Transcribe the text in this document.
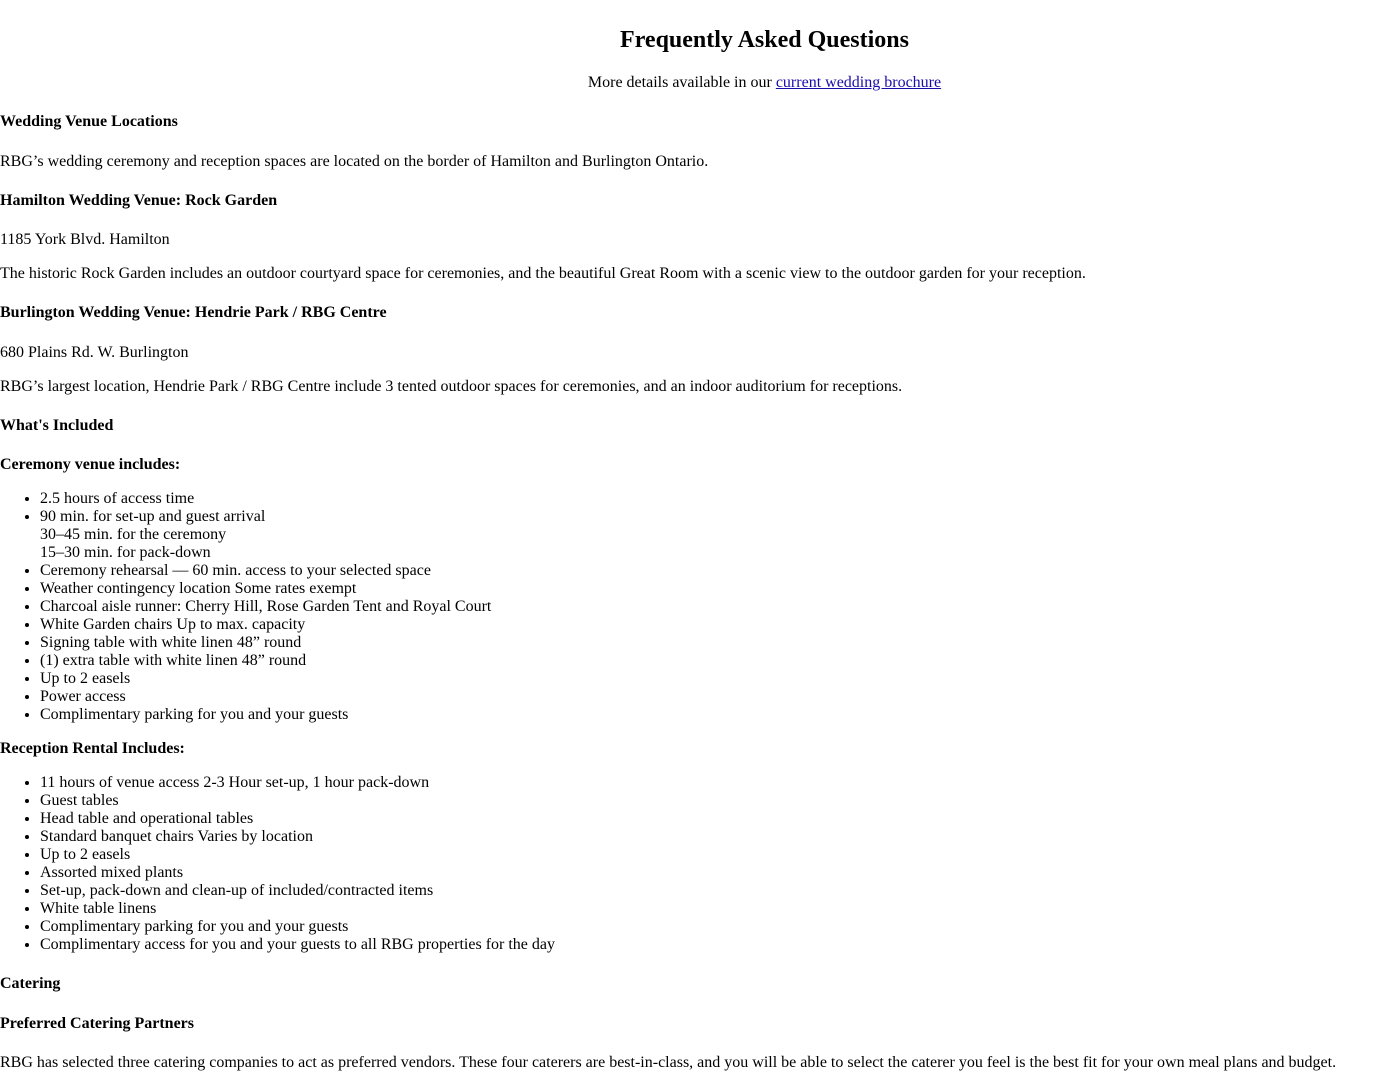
Frequently Asked Questions

More details available in our current wedding brochure

Wedding Venue Locations

RBG’s wedding ceremony and reception spaces are located on the border of Hamilton and Burlington Ontario.

Hamilton Wedding Venue: Rock Garden

1185 York Blvd. Hamilton

The historic Rock Garden includes an outdoor courtyard space for ceremonies, and the beautiful Great Room with a scenic view to the outdoor garden for your reception.

Burlington Wedding Venue: Hendrie Park / RBG Centre

680 Plains Rd. W. Burlington

RBG’s largest location, Hendrie Park / RBG Centre include 3 tented outdoor spaces for ceremonies, and an indoor auditorium for receptions.

What's Included
Ceremony venue includes:
• 2.5 hours of access time
• 90 min. for set-up and guest arrival
30–45 min. for the ceremony
15–30 min. for pack-down
• Ceremony rehearsal — 60 min. access to your selected space
• Weather contingency location Some rates exempt
• Charcoal aisle runner: Cherry Hill, Rose Garden Tent and Royal Court
• White Garden chairs Up to max. capacity
• Signing table with white linen 48” round
• (1) extra table with white linen 48” round
• Up to 2 easels
• Power access
• Complimentary parking for you and your guests
Reception Rental Includes:
• 11 hours of venue access 2-3 Hour set-up, 1 hour pack-down
• Guest tables
• Head table and operational tables
• Standard banquet chairs Varies by location
• Up to 2 easels
• Assorted mixed plants
• Set-up, pack-down and clean-up of included/contracted items
• White table linens
• Complimentary parking for you and your guests
• Complimentary access for you and your guests to all RBG properties for the day
Catering
Preferred Catering Partners

RBG has selected three catering companies to act as preferred vendors. These four caterers are best-in-class, and you will be able to select the caterer you feel is the best fit for your own meal plans and budget.
